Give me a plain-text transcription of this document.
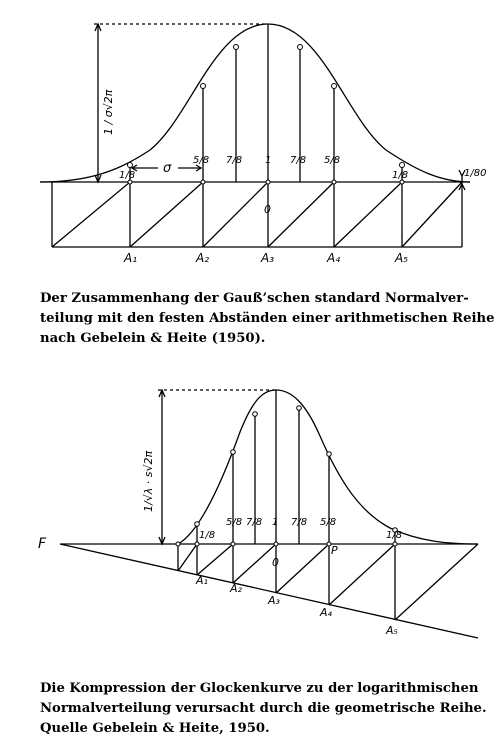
1 / σ√2π
σ
1/8
5/8 7/8 1 7/8 5/8
1/8	1/80
0
A₁	A₂	A₃	A₄	A₅
Der Zusammenhang der Gauß’schen standard Normalver-
teilung mit den festen Abständen einer arithmetischen Reihe
nach Gebelein & Heite (1950).
1/√λ · s√2π
F
1/8
5/8 7/8 1 7/8 5/8
1/8
0
P
A₁
A₂
A₃
A₄
A₅
Die Kompression der Glockenkurve zu der logarithmischen
Normalverteilung verursacht durch die geometrische Reihe.
Quelle Gebelein & Heite, 1950.
